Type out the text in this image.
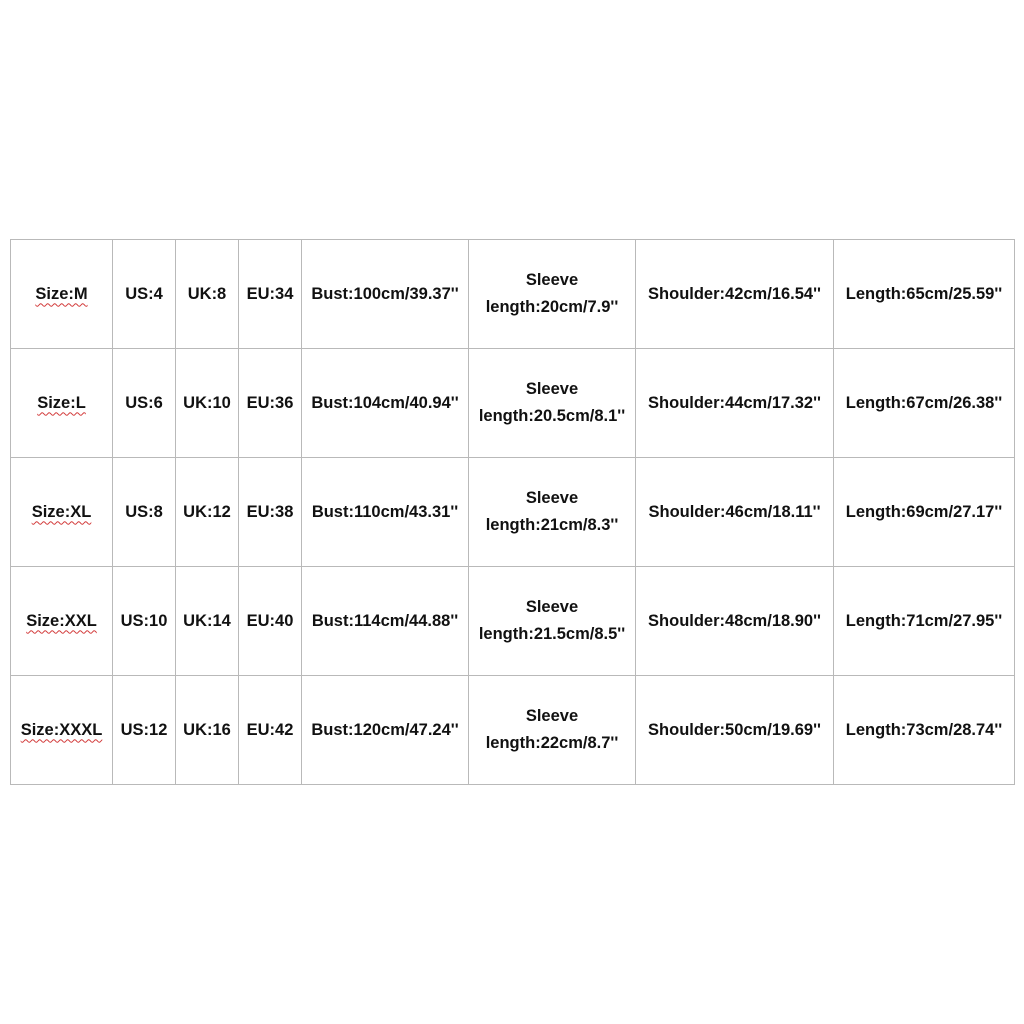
Size:M	US:4	UK:8	EU:34	Bust:100cm/39.37''	Sleeve
length:20cm/7.9''	Shoulder:42cm/16.54''	Length:65cm/25.59''
Size:L	US:6	UK:10	EU:36	Bust:104cm/40.94''	Sleeve
length:20.5cm/8.1''	Shoulder:44cm/17.32''	Length:67cm/26.38''
Size:XL	US:8	UK:12	EU:38	Bust:110cm/43.31''	Sleeve
length:21cm/8.3''	Shoulder:46cm/18.11''	Length:69cm/27.17''
Size:XXL	US:10	UK:14	EU:40	Bust:114cm/44.88''	Sleeve
length:21.5cm/8.5''	Shoulder:48cm/18.90''	Length:71cm/27.95''
Size:XXXL	US:12	UK:16	EU:42	Bust:120cm/47.24''	Sleeve
length:22cm/8.7''	Shoulder:50cm/19.69''	Length:73cm/28.74''
